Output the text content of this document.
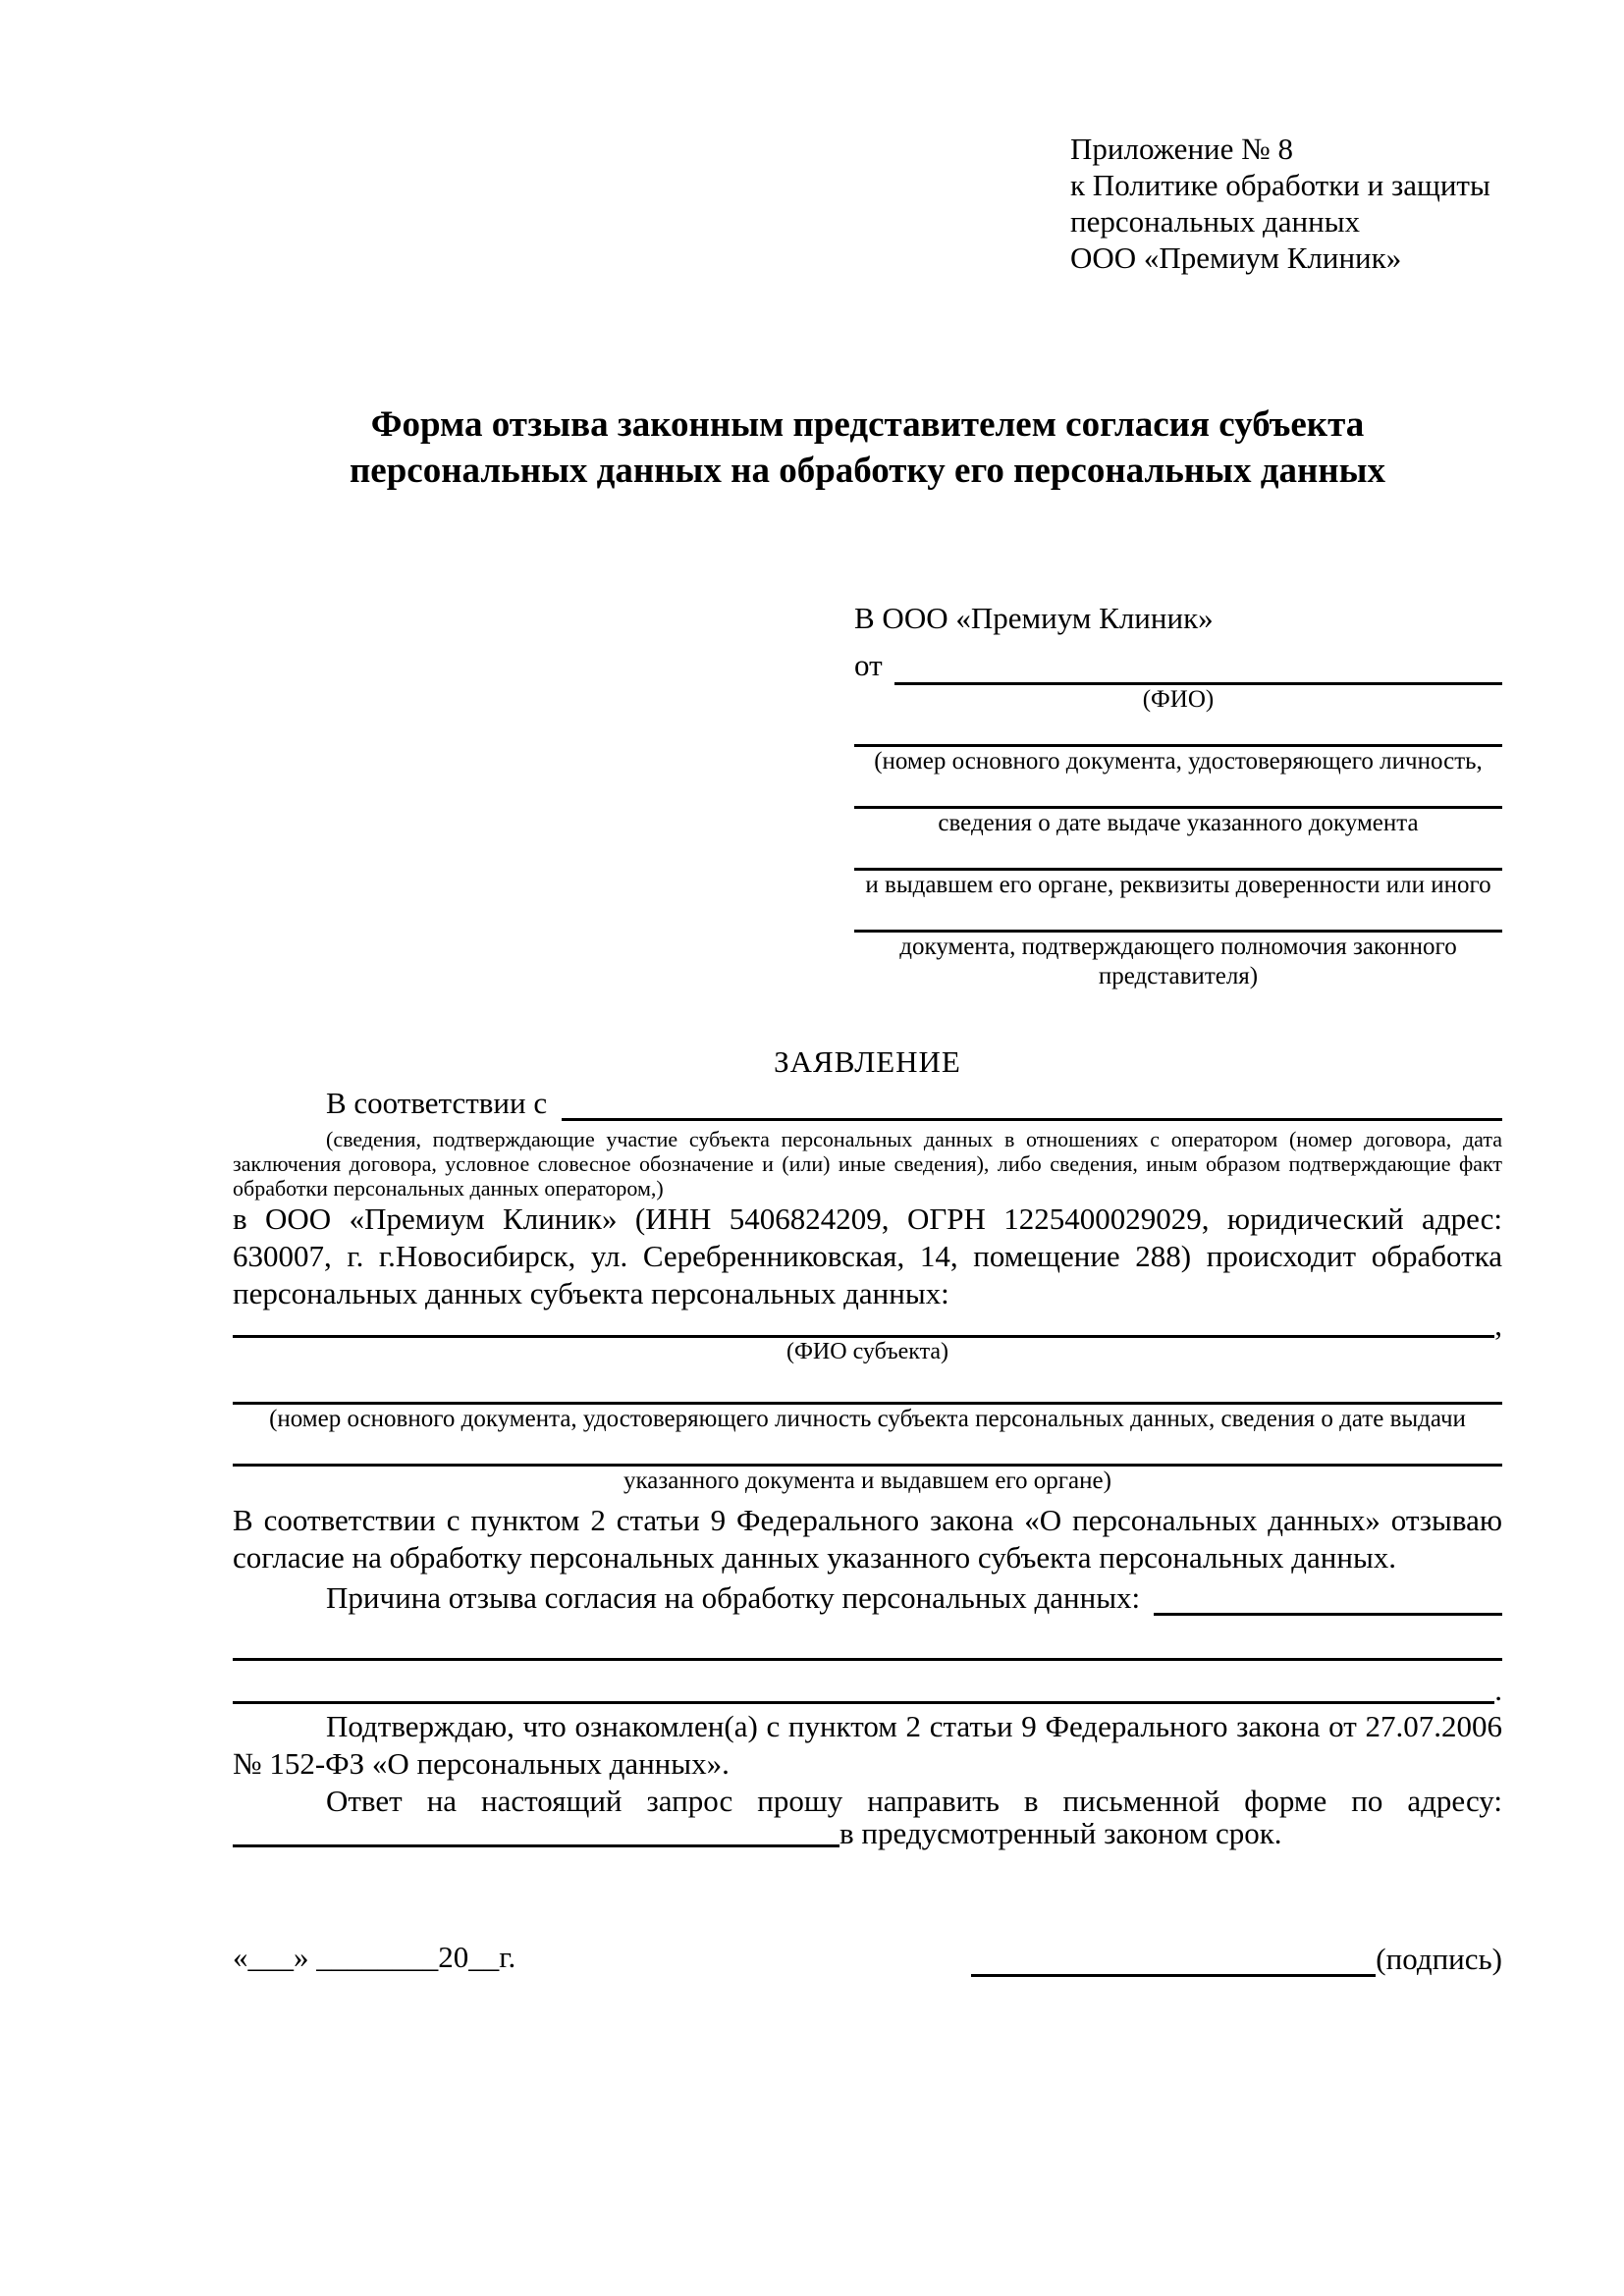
Приложение № 8
к Политике обработки и защиты
персональных данных
ООО «Премиум Клиник»
Форма отзыва законным представителем согласия субъекта
персональных данных на обработку его персональных данных
В ООО «Премиум Клиник»
от
(ФИО)
(номер основного документа, удостоверяющего личность,
сведения о дате выдаче указанного документа
и выдавшем его органе, реквизиты доверенности или иного
документа, подтверждающего полномочия законного представителя)
ЗАЯВЛЕНИЕ
В соответствии с
(сведения, подтверждающие участие субъекта персональных данных в отношениях с оператором (номер договора, дата заключения договора, условное словесное обозначение и (или) иные сведения), либо сведения, иным образом подтверждающие факт обработки персональных данных оператором,)

в ООО «Премиум Клиник» (ИНН 5406824209, ОГРН 1225400029029, юридический адрес: 630007, г. г.Новосибирск, ул. Серебренниковская, 14, помещение 288) происходит обработка персональных данных субъекта персональных данных:

,
(ФИО субъекта)
(номер основного документа, удостоверяющего личность субъекта персональных данных, сведения о дате выдачи
указанного документа и выдавшем его органе)

В соответствии с пунктом 2 статьи 9 Федерального закона «О персональных данных» отзываю согласие на обработку персональных данных указанного субъекта персональных данных.

Причина отзыва согласия на обработку персональных данных:
.

Подтверждаю, что ознакомлен(а) с пунктом 2 статьи 9 Федерального закона от 27.07.2006 № 152-ФЗ «О персональных данных».

Ответ на настоящий запрос прошу направить в письменной форме по адресу:

в предусмотренный законом срок.
«___» ________20__г.	(подпись)
